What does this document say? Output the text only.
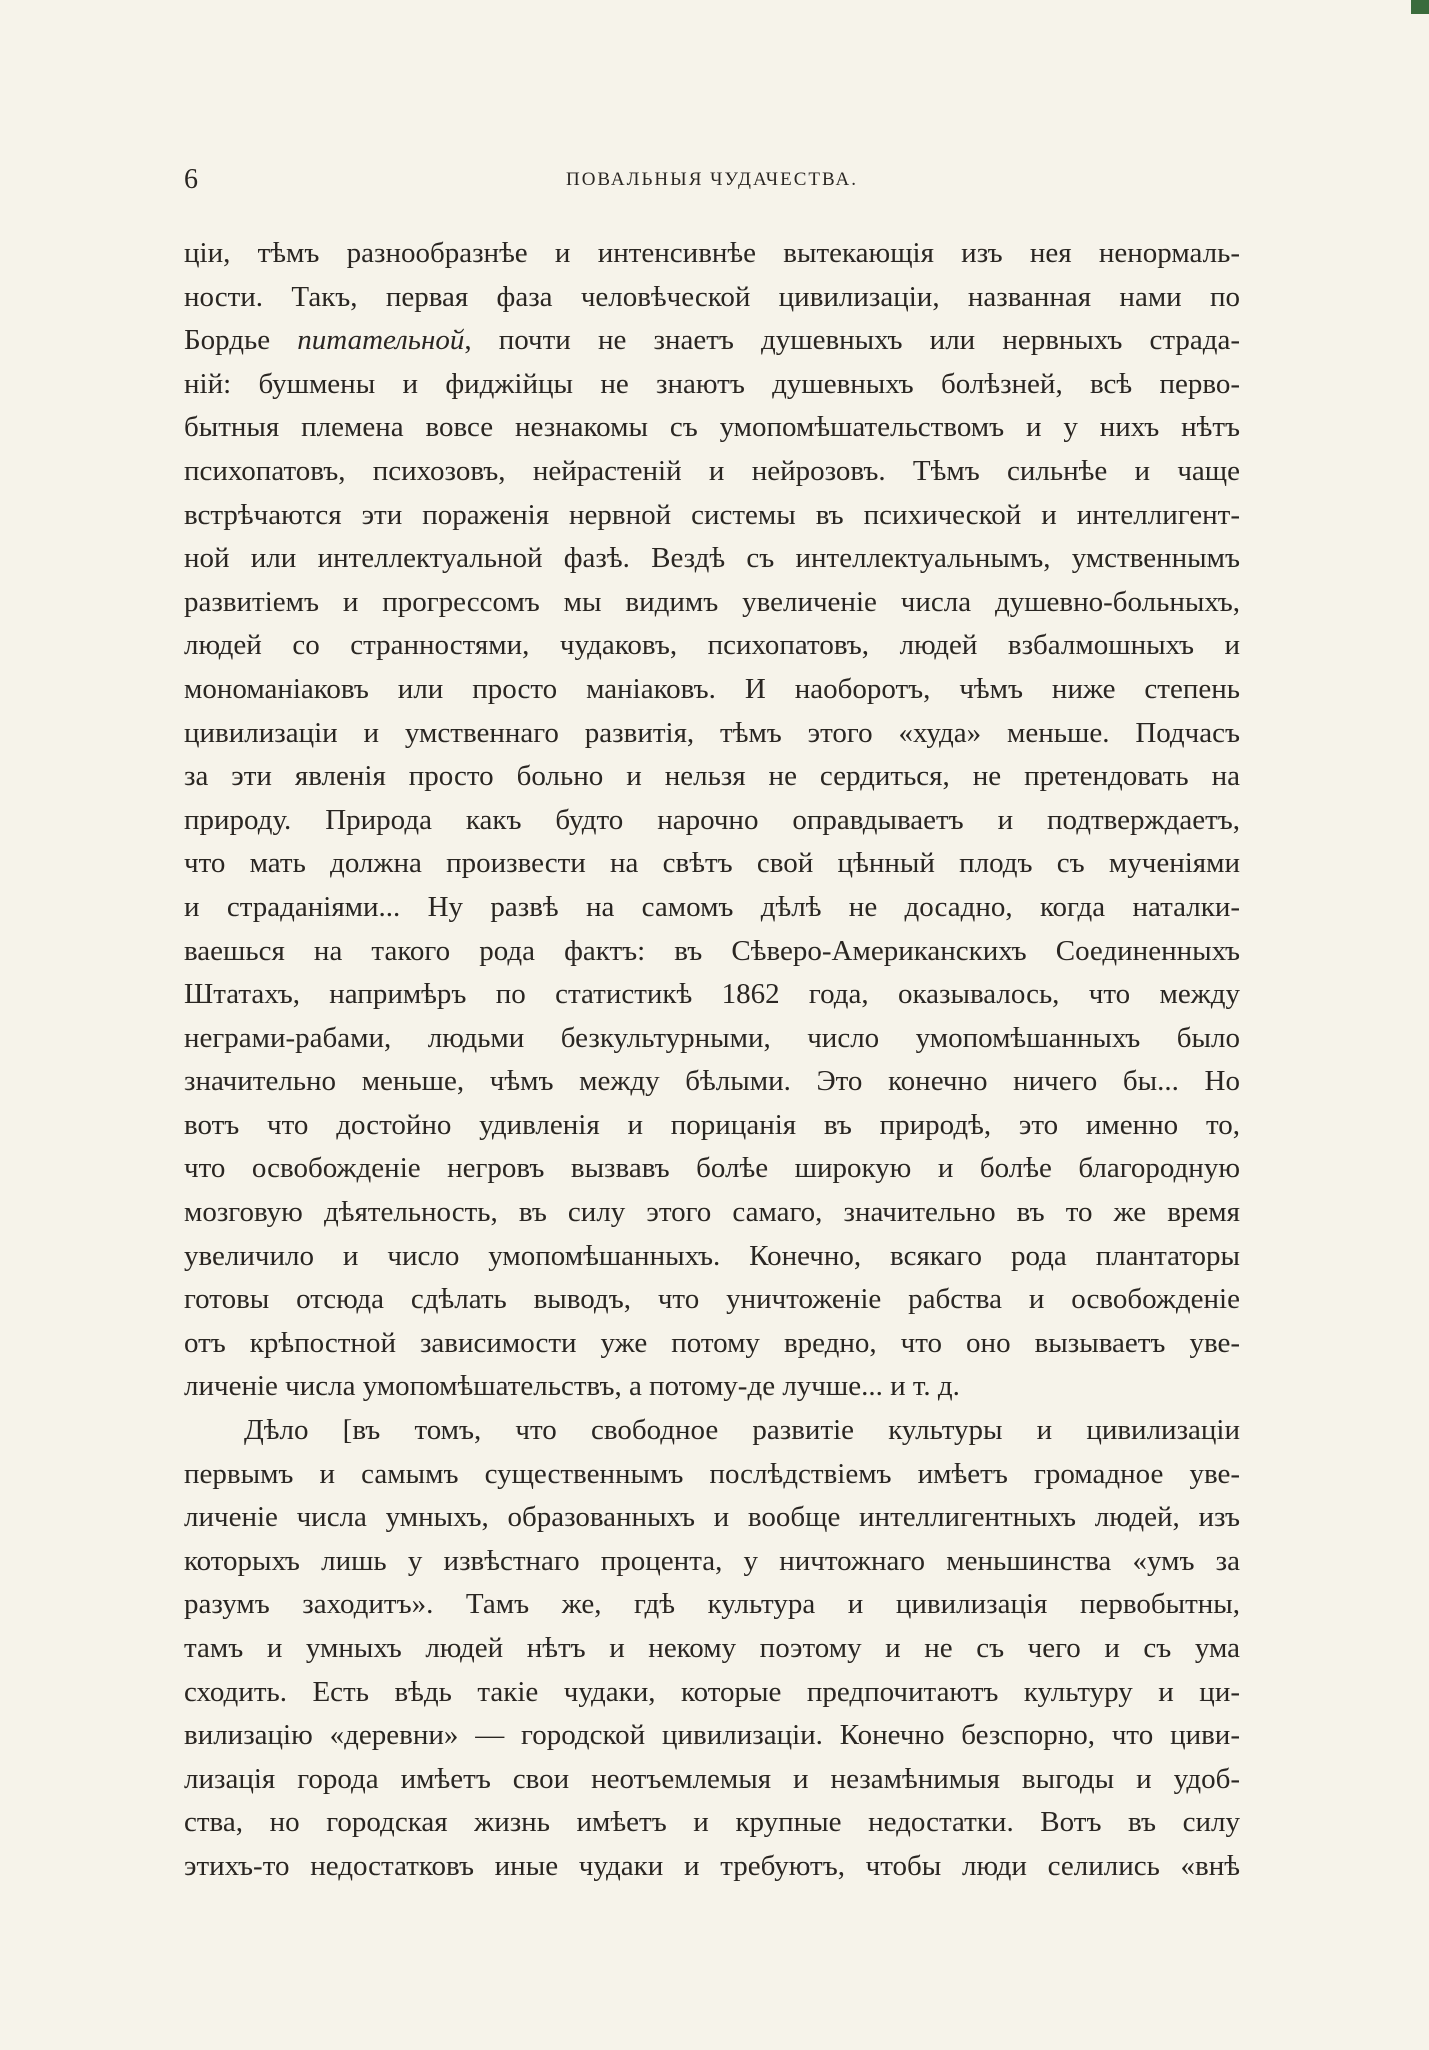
6	ПОВАЛЬНЫЯ ЧУДАЧЕСТВА.
ціи, тѣмъ разнообразнѣе и интенсивнѣе вытекающія изъ нея ненормаль-
ности. Такъ, первая фаза человѣческой цивилизаціи, названная нами по
Бордье питательной, почти не знаетъ душевныхъ или нервныхъ страда-
ній: бушмены и фиджійцы не знаютъ душевныхъ болѣзней, всѣ перво-
бытныя племена вовсе незнакомы съ умопомѣшательствомъ и у нихъ нѣтъ
психопатовъ, психозовъ, нейрастеній и нейрозовъ. Тѣмъ сильнѣе и чаще
встрѣчаются эти пораженія нервной системы въ психической и интеллигент-
ной или интеллектуальной фазѣ. Вездѣ съ интеллектуальнымъ, умственнымъ
развитіемъ и прогрессомъ мы видимъ увеличеніе числа душевно-больныхъ,
людей со странностями, чудаковъ, психопатовъ, людей взбалмошныхъ и
мономаніаковъ или просто маніаковъ. И наоборотъ, чѣмъ ниже степень
цивилизаціи и умственнаго развитія, тѣмъ этого «худа» меньше. Подчасъ
за эти явленія просто больно и нельзя не сердиться, не претендовать на
природу. Природа какъ будто нарочно оправдываетъ и подтверждаетъ,
что мать должна произвести на свѣтъ свой цѣнный плодъ съ мученіями
и страданіями... Ну развѣ на самомъ дѣлѣ не досадно, когда наталки-
ваешься на такого рода фактъ: въ Сѣверо-Американскихъ Соединенныхъ
Штатахъ, напримѣръ по статистикѣ 1862 года, оказывалось, что между
неграми-рабами, людьми безкультурными, число умопомѣшанныхъ было
значительно меньше, чѣмъ между бѣлыми. Это конечно ничего бы... Но
вотъ что достойно удивленія и порицанія въ природѣ, это именно то,
что освобожденіе негровъ вызвавъ болѣе широкую и болѣе благородную
мозговую дѣятельность, въ силу этого самаго, значительно въ то же время
увеличило и число умопомѣшанныхъ. Конечно, всякаго рода плантаторы
готовы отсюда сдѣлать выводъ, что уничтоженіе рабства и освобожденіе
отъ крѣпостной зависимости уже потому вредно, что оно вызываетъ уве-
личеніе числа умопомѣшательствъ, а потому-де лучше... и т. д.
Дѣло [въ томъ, что свободное развитіе культуры и цивилизаціи
первымъ и самымъ существеннымъ послѣдствіемъ имѣетъ громадное уве-
личеніе числа умныхъ, образованныхъ и вообще интеллигентныхъ людей, изъ
которыхъ лишь у извѣстнаго процента, у ничтожнаго меньшинства «умъ за
разумъ заходитъ». Тамъ же, гдѣ культура и цивилизація первобытны,
тамъ и умныхъ людей нѣтъ и некому поэтому и не съ чего и съ ума
сходить. Есть вѣдь такіе чудаки, которые предпочитаютъ культуру и ци-
вилизацію «деревни» — городской цивилизаціи. Конечно безспорно, что циви-
лизація города имѣетъ свои неотъемлемыя и незамѣнимыя выгоды и удоб-
ства, но городская жизнь имѣетъ и крупные недостатки. Вотъ въ силу
этихъ-то недостатковъ иные чудаки и требуютъ, чтобы люди селились «внѣ
